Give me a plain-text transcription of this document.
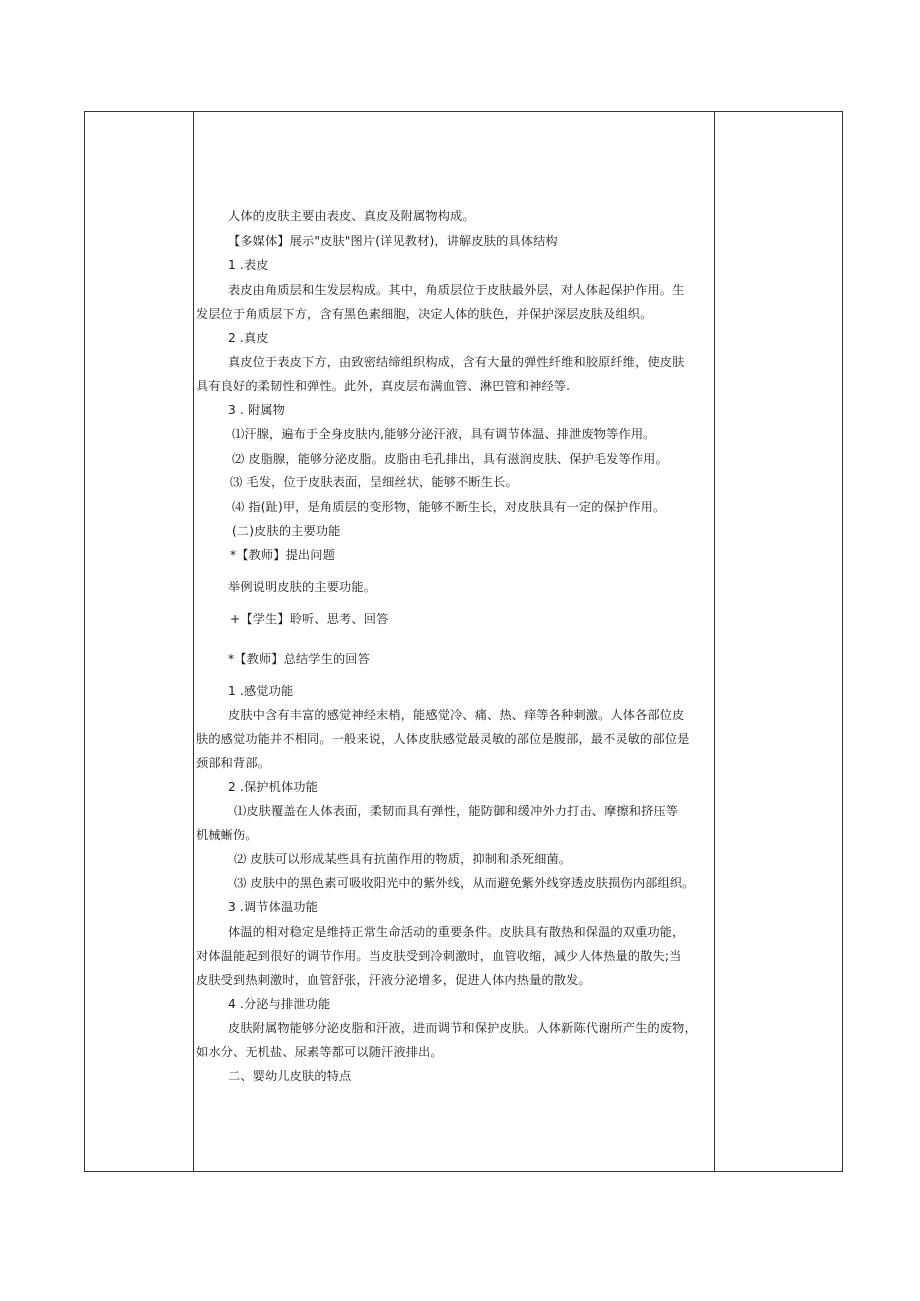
人体的皮肤主要由表皮、真皮及附属物构成。
【多媒体】展示"皮肤"图片(详见教材)，讲解皮肤的具体结构
1 .表皮
表皮由角质层和生发层构成。其中，角质层位于皮肤最外层，对人体起保护作用。生
发层位于角质层下方，含有黑色素细胞，决定人体的肤色，并保护深层皮肤及组织。
2 .真皮
真皮位于表皮下方，由致密结缔组织构成，含有大量的弹性纤维和胶原纤维，使皮肤
具有良好的柔韧性和弹性。此外，真皮层布满血管、淋巴管和神经等.
3 . 附属物
⑴汗腺，遍布于全身皮肤内,能够分泌汗液，具有调节体温、排泄废物等作用。
⑵ 皮脂腺，能够分泌皮脂。皮脂由毛孔排出，具有滋润皮肤、保护毛发等作用。
⑶ 毛发，位于皮肤表面，呈细丝状，能够不断生长。
⑷ 指(趾)甲，是角质层的变形物，能够不断生长，对皮肤具有一定的保护作用。
(二)皮肤的主要功能
*【教师】提出问题
举例说明皮肤的主要功能。
+【学生】聆听、思考、回答
*【教师】总结学生的回答
1 .感觉功能
皮肤中含有丰富的感觉神经末梢，能感觉冷、痛、热、痒等各种刺激。人体各部位皮
肤的感觉功能并不相同。一般来说，人体皮肤感觉最灵敏的部位是腹部，最不灵敏的部位是
颈部和背部。
2 .保护机体功能
⑴皮肤覆盖在人体表面，柔韧而具有弹性，能防御和缓冲外力打击、摩擦和挤压等
机械蜥伤。
⑵ 皮肤可以形成某些具有抗菌作用的物质，抑制和杀死细菌。
⑶ 皮肤中的黑色素可吸收阳光中的紫外线，从而避免紫外线穿透皮肤损伤内部组织。
3 .调节体温功能
体温的相对稳定是维持正常生命活动的重要条件。皮肤具有散热和保温的双重功能，
对体温能起到很好的调节作用。当皮肤受到冷刺激时，血管收缩，减少人体热量的散失;当
皮肤受到热刺激时，血管舒张，汗液分泌增多，促进人体内热量的散发。
4 .分泌与排泄功能
皮肤附属物能够分泌皮脂和汗液，进而调节和保护皮肤。人体新陈代谢所产生的废物，
如水分、无机盐、尿素等都可以随汗液排出。
二、婴幼儿皮肤的特点
